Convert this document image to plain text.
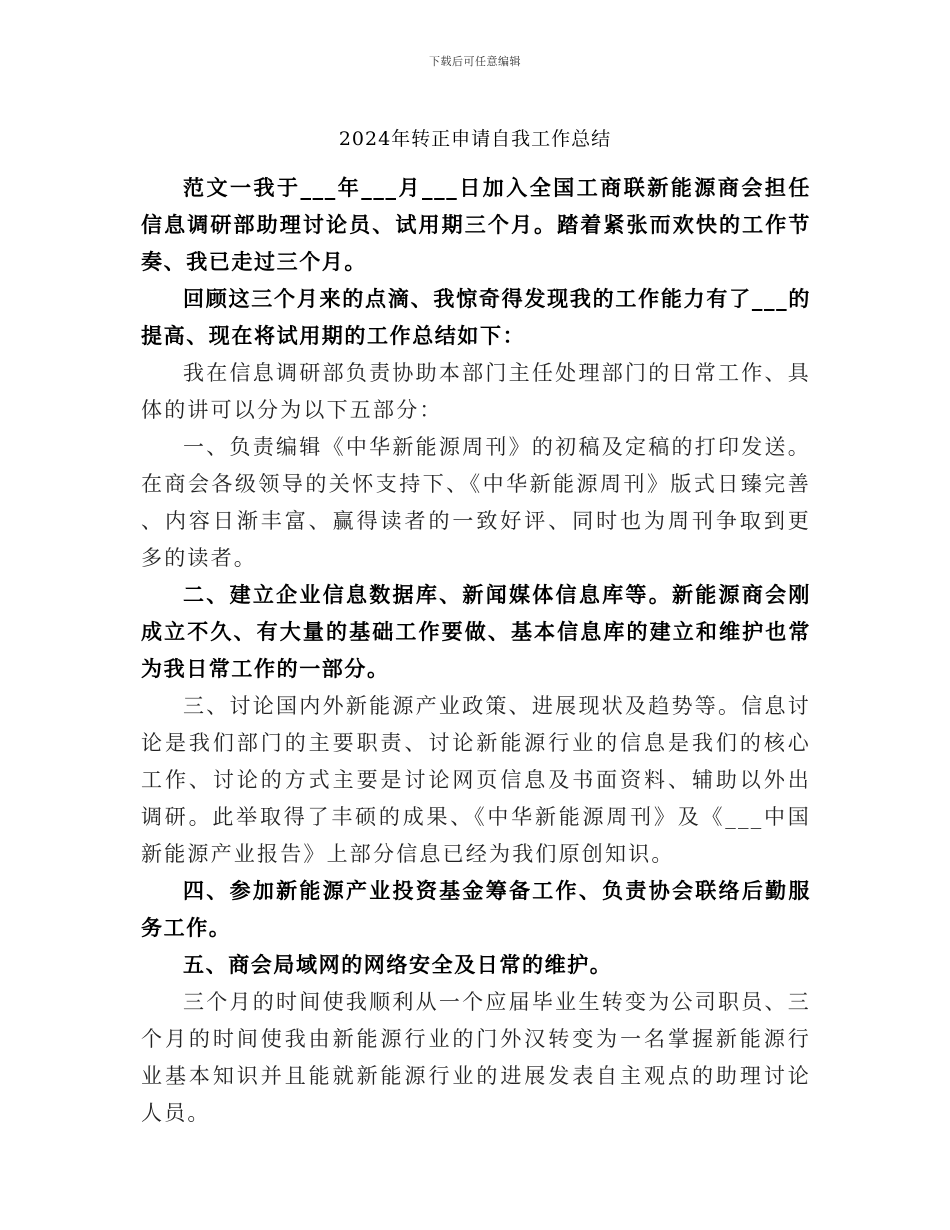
下载后可任意编辑
2024年转正申请自我工作总结

范文一我于___年___月___日加入全国工商联新能源商会担任信息调研部助理讨论员、试用期三个月。踏着紧张而欢快的工作节奏、我已走过三个月。

回顾这三个月来的点滴、我惊奇得发现我的工作能力有了___的提高、现在将试用期的工作总结如下：

我在信息调研部负责协助本部门主任处理部门的日常工作、具体的讲可以分为以下五部分：

一、负责编辑《中华新能源周刊》的初稿及定稿的打印发送。在商会各级领导的关怀支持下、《中华新能源周刊》版式日臻完善、内容日渐丰富、赢得读者的一致好评、同时也为周刊争取到更多的读者。

二、建立企业信息数据库、新闻媒体信息库等。新能源商会刚成立不久、有大量的基础工作要做、基本信息库的建立和维护也常为我日常工作的一部分。

三、讨论国内外新能源产业政策、进展现状及趋势等。信息讨论是我们部门的主要职责、讨论新能源行业的信息是我们的核心工作、讨论的方式主要是讨论网页信息及书面资料、辅助以外出调研。此举取得了丰硕的成果、《中华新能源周刊》及《___中国新能源产业报告》上部分信息已经为我们原创知识。

四、参加新能源产业投资基金筹备工作、负责协会联络后勤服务工作。

五、商会局域网的网络安全及日常的维护。

三个月的时间使我顺利从一个应届毕业生转变为公司职员、三个月的时间使我由新能源行业的门外汉转变为一名掌握新能源行业基本知识并且能就新能源行业的进展发表自主观点的助理讨论人员。
